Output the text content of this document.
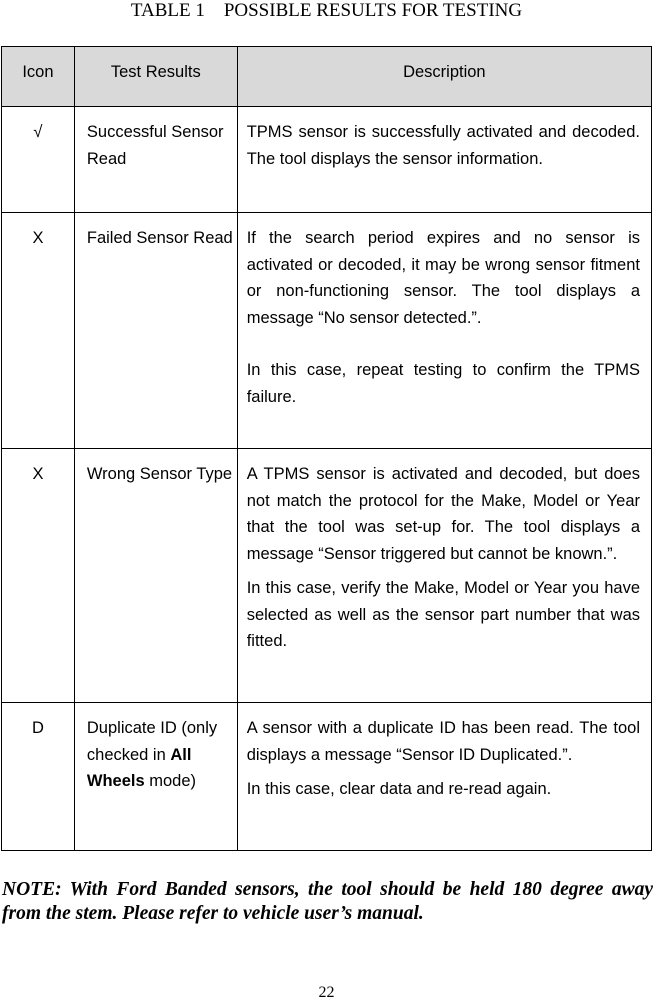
TABLE 1    POSSIBLE RESULTS FOR TESTING
Icon	Test Results	Description
√	Successful Sensor Read	TPMS sensor is successfully activated and decoded. The tool displays the sensor information.

X	Failed Sensor Read	If the search period expires and no sensor is activated or decoded, it may be wrong sensor fitment or non-functioning sensor. The tool displays a message “No sensor detected.”.

In this case, repeat testing to confirm the TPMS failure.

X	Wrong Sensor Type	A TPMS sensor is activated and decoded, but does not match the protocol for the Make, Model or Year that the tool was set-up for. The tool displays a message “Sensor triggered but cannot be known.”.

In this case, verify the Make, Model or Year you have selected as well as the sensor part number that was fitted.

D	Duplicate ID (only checked in All Wheels mode)	A sensor with a duplicate ID has been read. The tool displays a message “Sensor ID Duplicated.”.

In this case, clear data and re-read again.

NOTE: With Ford Banded sensors, the tool should be held 180 degree away from the stem. Please refer to vehicle user’s manual.
22
